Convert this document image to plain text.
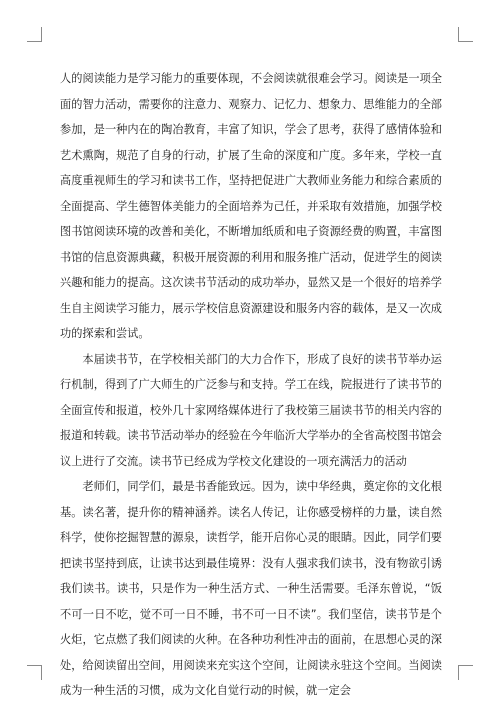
人的阅读能力是学习能力的重要体现，不会阅读就很难会学习。阅读是一项全面的智力活动，需要你的注意力、观察力、记忆力、想象力、思维能力的全部参加，是一种内在的陶冶教育，丰富了知识，学会了思考，获得了感情体验和艺术熏陶，规范了自身的行动，扩展了生命的深度和广度。多年来，学校一直高度重视师生的学习和读书工作，坚持把促进广大教师业务能力和综合素质的全面提高、学生德智体美能力的全面培养为己任，并采取有效措施，加强学校图书馆阅读环境的改善和美化，不断增加纸质和电子资源经费的购置，丰富图书馆的信息资源典藏，积极开展资源的利用和服务推广活动，促进学生的阅读兴趣和能力的提高。这次读书节活动的成功举办，显然又是一个很好的培养学生自主阅读学习能力，展示学校信息资源建设和服务内容的载体，是又一次成功的探索和尝试。

本届读书节，在学校相关部门的大力合作下，形成了良好的读书节举办运行机制，得到了广大师生的广泛参与和支持。学工在线，院报进行了读书节的全面宣传和报道，校外几十家网络媒体进行了我校第三届读书节的相关内容的报道和转载。读书节活动举办的经验在今年临沂大学举办的全省高校图书馆会议上进行了交流。读书节已经成为学校文化建设的一项充满活力的活动

老师们，同学们，最是书香能致远。因为，读中华经典，奠定你的文化根基。读名著，提升你的精神涵养。读名人传记，让你感受榜样的力量，读自然科学，使你挖掘智慧的源泉，读哲学，能开启你心灵的眼睛。因此，同学们要把读书坚持到底，让读书达到最佳境界：没有人强求我们读书，没有物欲引诱我们读书。读书，只是作为一种生活方式、一种生活需要。毛泽东曾说，“饭不可一日不吃，觉不可一日不睡，书不可一日不读”。我们坚信，读书节是个火炬，它点燃了我们阅读的火种。在各种功利性冲击的面前，在思想心灵的深处，给阅读留出空间，用阅读来充实这个空间，让阅读永驻这个空间。当阅读成为一种生活的习惯，成为文化自觉行动的时候，就一定会
